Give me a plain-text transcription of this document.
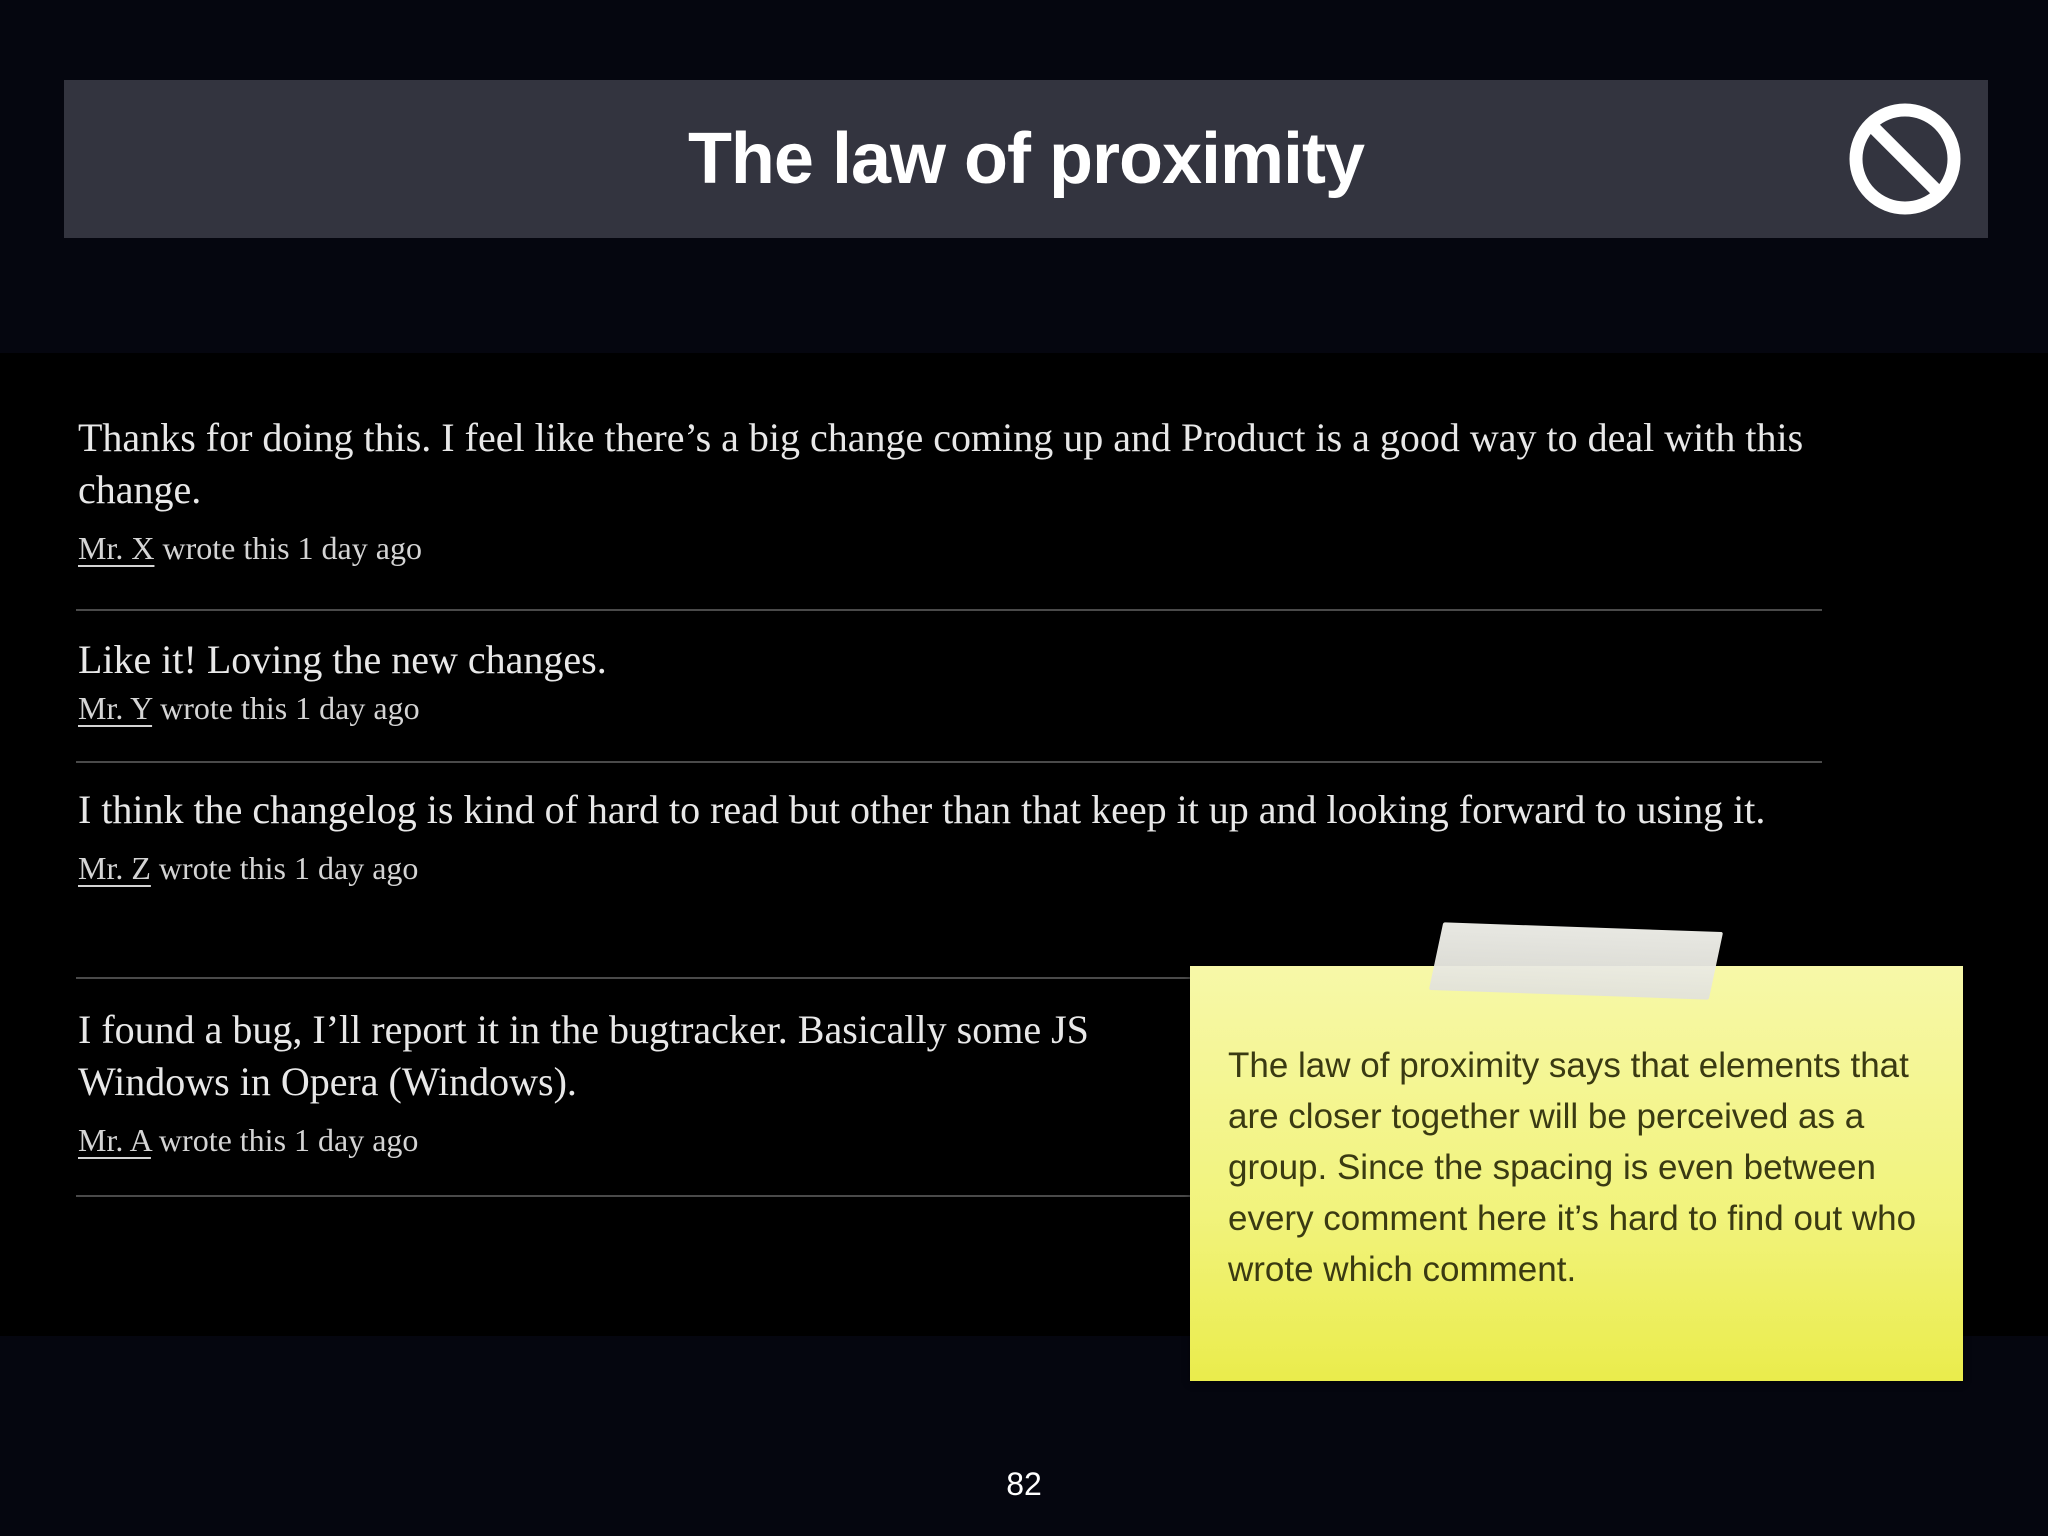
The law of proximity

Thanks for doing this. I feel like there’s a big change coming up and Product is a good way to deal with this change.

Mr. X wrote this 1 day ago

Like it! Loving the new changes.

Mr. Y wrote this 1 day ago

I think the changelog is kind of hard to read but other than that keep it up and looking forward to using it.

Mr. Z wrote this 1 day ago

I found a bug, I’ll report it in the bugtracker. Basically some JS
Windows in Opera (Windows).

Mr. A wrote this 1 day ago

The law of proximity says that elements that are closer together will be perceived as a group. Since the spacing is even between every comment here it’s hard to find out who wrote which comment.

82
